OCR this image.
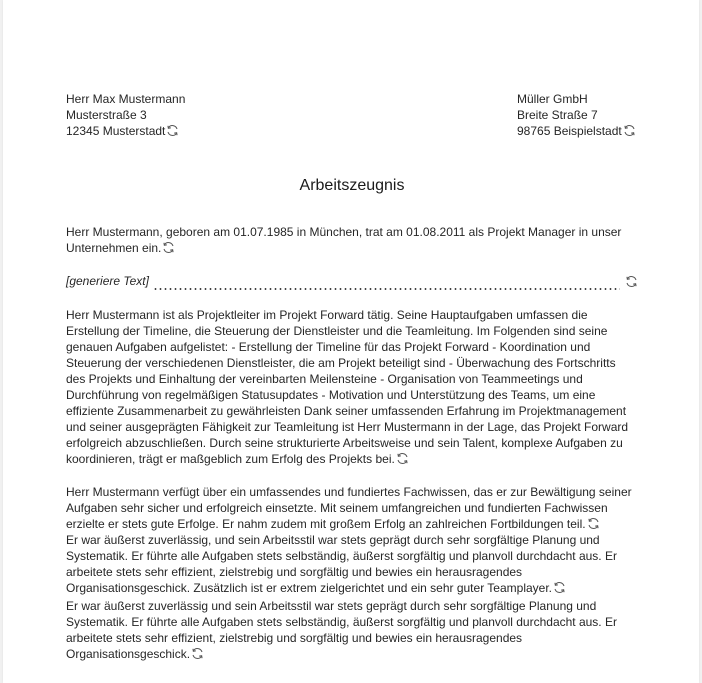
Herr Max Mustermann
Musterstraße 3
12345 Musterstadt
Müller GmbH
Breite Straße 7
98765 Beispielstadt
Arbeitszeugnis
Herr Mustermann, geboren am 01.07.1985 in München, trat am 01.08.2011 als Projekt Manager in unser Unternehmen ein.
[generiere Text]
Herr Mustermann ist als Projektleiter im Projekt Forward tätig. Seine Hauptaufgaben umfassen die Erstellung der Timeline, die Steuerung der Dienstleister und die Teamleitung. Im Folgenden sind seine genauen Aufgaben aufgelistet: - Erstellung der Timeline für das Projekt Forward - Koordination und Steuerung der verschiedenen Dienstleister, die am Projekt beteiligt sind - Überwachung des Fortschritts des Projekts und Einhaltung der vereinbarten Meilensteine - Organisation von Teammeetings und Durchführung von regelmäßigen Statusupdates - Motivation und Unterstützung des Teams, um eine effiziente Zusammenarbeit zu gewährleisten Dank seiner umfassenden Erfahrung im Projektmanagement und seiner ausgeprägten Fähigkeit zur Teamleitung ist Herr Mustermann in der Lage, das Projekt Forward erfolgreich abzuschließen. Durch seine strukturierte Arbeitsweise und sein Talent, komplexe Aufgaben zu koordinieren, trägt er maßgeblich zum Erfolg des Projekts bei.
Herr Mustermann verfügt über ein umfassendes und fundiertes Fachwissen, das er zur Bewältigung seiner Aufgaben sehr sicher und erfolgreich einsetzte. Mit seinem umfangreichen und fundierten Fachwissen erzielte er stets gute Erfolge. Er nahm zudem mit großem Erfolg an zahlreichen Fortbildungen teil.
Er war äußerst zuverlässig, und sein Arbeitsstil war stets geprägt durch sehr sorgfältige Planung und Systematik. Er führte alle Aufgaben stets selbständig, äußerst sorgfältig und planvoll durchdacht aus. Er arbeitete stets sehr effizient, zielstrebig und sorgfältig und bewies ein herausragendes Organisationsgeschick. Zusätzlich ist er extrem zielgerichtet und ein sehr guter Teamplayer.
Er war äußerst zuverlässig und sein Arbeitsstil war stets geprägt durch sehr sorgfältige Planung und Systematik. Er führte alle Aufgaben stets selbständig, äußerst sorgfältig und planvoll durchdacht aus. Er arbeitete stets sehr effizient, zielstrebig und sorgfältig und bewies ein herausragendes Organisationsgeschick.
